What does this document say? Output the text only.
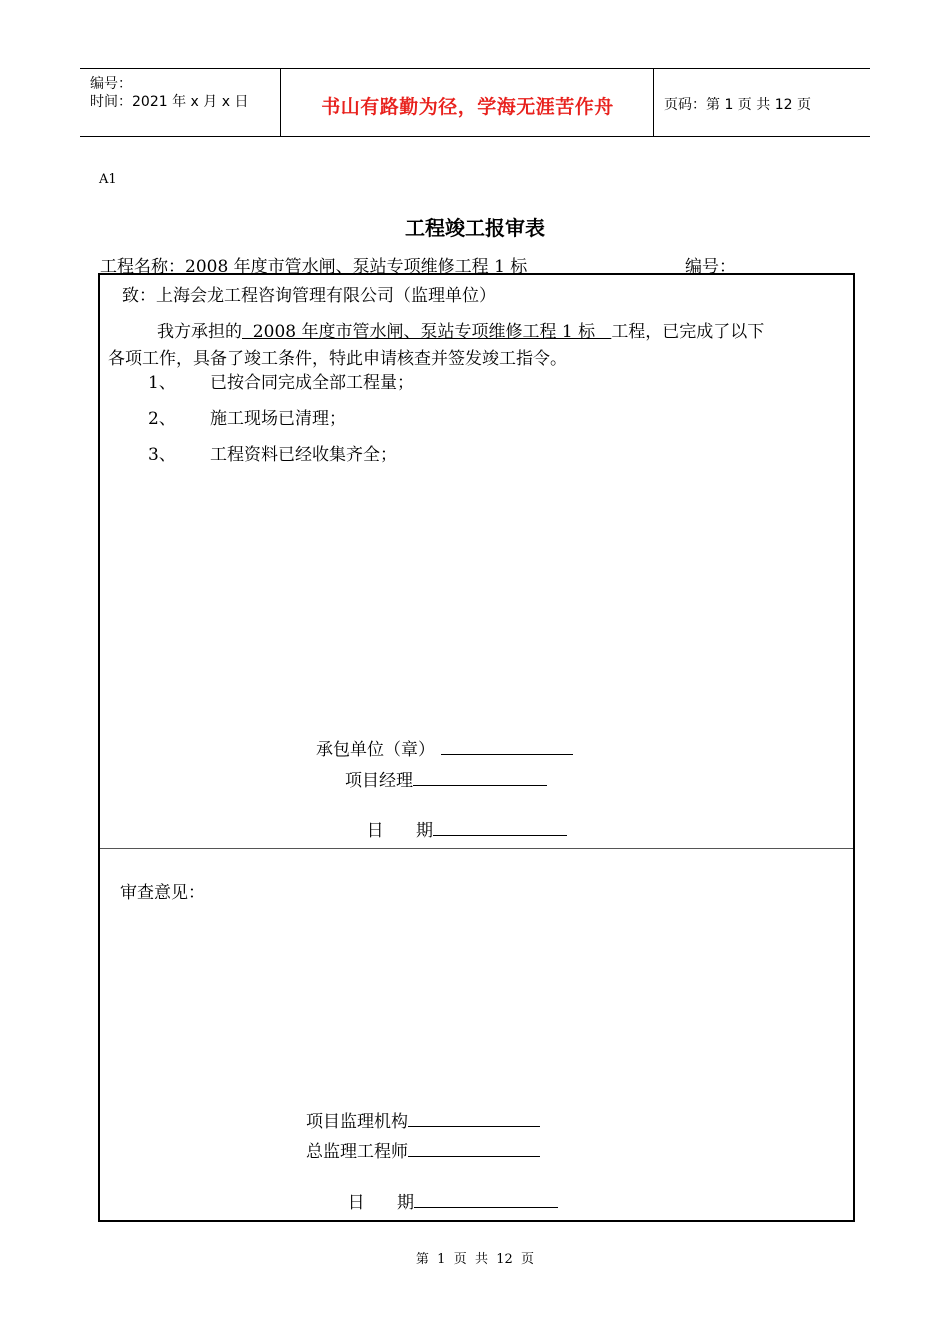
编号：
时间：2021 年 x 月 x 日	书山有路勤为径，学海无涯苦作舟	页码：第 1 页 共 12 页
A1
工程竣工报审表
工程名称：2008 年度市管水闸、泵站专项维修工程 1 标	编号：
致：上海会龙工程咨询管理有限公司（监理单位）
我方承担的  2008 年度市管水闸、泵站专项维修工程 1 标   工程，已完成了以下
各项工作，具备了竣工条件，特此申请核查并签发竣工指令。
1、 已按合同完成全部工程量；
2、 施工现场已清理；
3、 工程资料已经收集齐全；
承包单位（章）
项目经理

日      期

审查意见：
项目监理机构
总监理工程师

日      期

第  1  页  共  12  页
